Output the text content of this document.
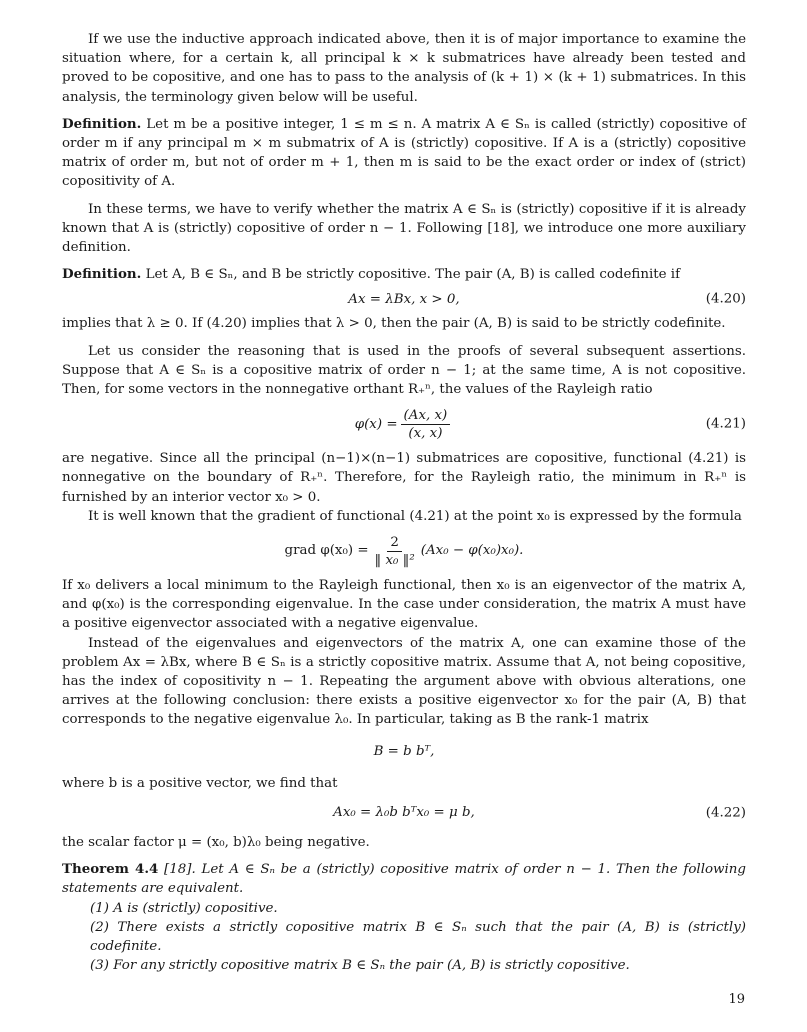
If we use the inductive approach indicated above, then it is of major importance to examine the situation where, for a certain k, all principal k × k submatrices have already been tested and proved to be copositive, and one has to pass to the analysis of (k + 1) × (k + 1) submatrices. In this analysis, the terminology given below will be useful.

Definition. Let m be a positive integer, 1 ≤ m ≤ n. A matrix A ∈ Sₙ is called (strictly) copositive of order m if any principal m × m submatrix of A is (strictly) copositive. If A is a (strictly) copositive matrix of order m, but not of order m + 1, then m is said to be the exact order or index of (strict) copositivity of A.

In these terms, we have to verify whether the matrix A ∈ Sₙ is (strictly) copositive if it is already known that A is (strictly) copositive of order n − 1. Following [18], we introduce one more auxiliary definition.

Definition. Let A, B ∈ Sₙ, and B be strictly copositive. The pair (A, B) is called codefinite if

Ax = λBx, x > 0,	(4.20)

implies that λ ≥ 0. If (4.20) implies that λ > 0, then the pair (A, B) is said to be strictly codefinite.

Let us consider the reasoning that is used in the proofs of several subsequent assertions. Suppose that A ∈ Sₙ is a copositive matrix of order n − 1; at the same time, A is not copositive. Then, for some vectors in the nonnegative orthant R₊ⁿ, the values of the Rayleigh ratio

$\varphi(x) = \frac{(Ax, x)}{(x, x)}$	(4.21)

are negative. Since all the principal (n−1)×(n−1) submatrices are copositive, functional (4.21) is nonnegative on the boundary of R₊ⁿ. Therefore, for the Rayleigh ratio, the minimum in R₊ⁿ is furnished by an interior vector x₀ > 0.

It is well known that the gradient of functional (4.21) at the point x₀ is expressed by the formula

grad $\varphi(x_0) = \frac{2}{\text{‖ x₀ ‖²}} (Ax_0 - \varphi(x_0)x_0)$.

If x₀ delivers a local minimum to the Rayleigh functional, then x₀ is an eigenvector of the matrix A, and φ(x₀) is the corresponding eigenvalue. In the case under consideration, the matrix A must have a positive eigenvector associated with a negative eigenvalue.

Instead of the eigenvalues and eigenvectors of the matrix A, one can examine those of the problem Ax = λBx, where B ∈ Sₙ is a strictly copositive matrix. Assume that A, not being copositive, has the index of copositivity n − 1. Repeating the argument above with obvious alterations, one arrives at the following conclusion: there exists a positive eigenvector x₀ for the pair (A, B) that corresponds to the negative eigenvalue λ₀. In particular, taking as B the rank-1 matrix

B = b bᵀ,

where b is a positive vector, we find that

Ax₀ = λ₀b bᵀx₀ = μ b,	(4.22)

the scalar factor μ = (x₀, b)λ₀ being negative.

Theorem 4.4 [18]. Let A ∈ Sₙ be a (strictly) copositive matrix of order n − 1. Then the following statements are equivalent.

(1) A is (strictly) copositive.

(2) There exists a strictly copositive matrix B ∈ Sₙ such that the pair (A, B) is (strictly) codefinite.

(3) For any strictly copositive matrix B ∈ Sₙ the pair (A, B) is strictly copositive.

19
